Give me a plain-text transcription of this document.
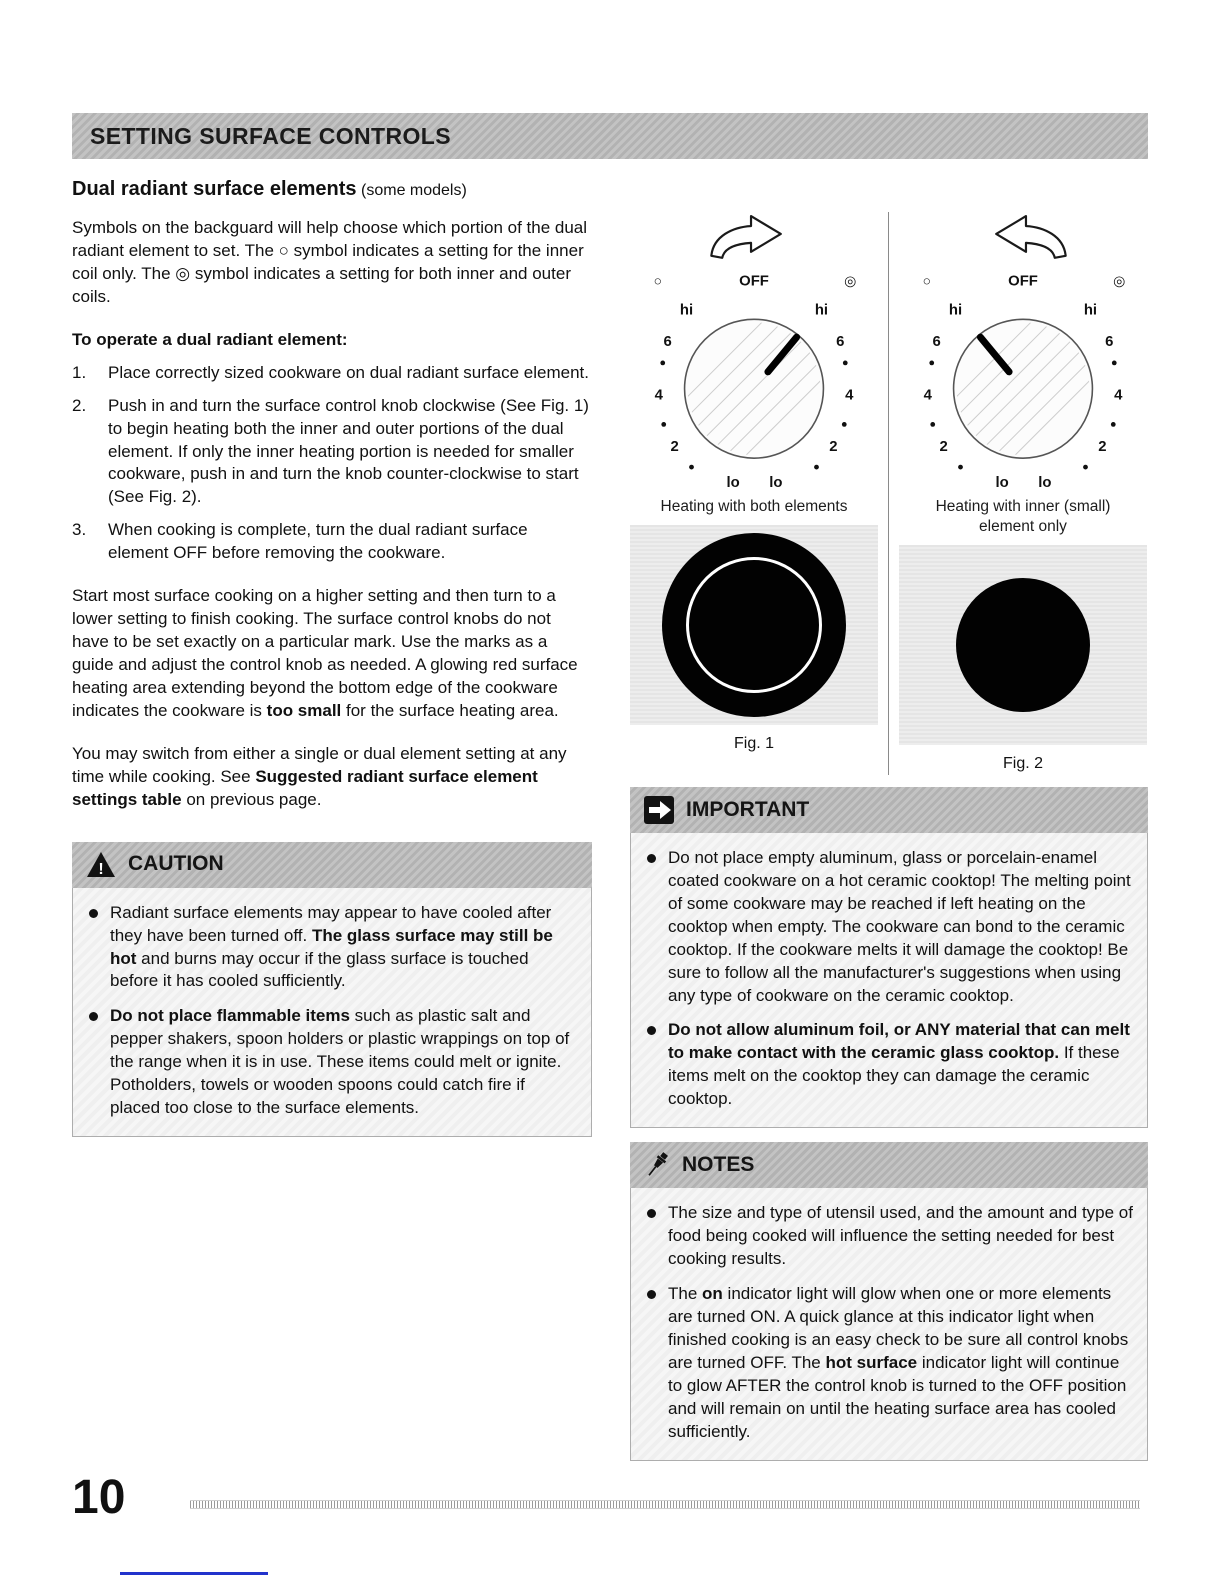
SETTING SURFACE CONTROLS
Dual radiant surface elements (some models)
Symbols on the backguard will help choose which portion of the dual radiant element to set. The ○ symbol indicates a setting for the inner coil only. The ◎ symbol indicates a setting for both inner and outer coils.
To operate a dual radiant element:
1.	Place correctly sized cookware on dual radiant surface element.
2.	Push in and turn the surface control knob clockwise (See Fig. 1) to begin heating both the inner and outer portions of the dual element. If only the inner heating portion is needed for smaller cookware, push in and turn the knob counter-clockwise to start (See Fig. 2).
3.	When cooking is complete, turn the dual radiant surface element OFF before removing the cookware.
Start most surface cooking on a higher setting and then turn to a lower setting to finish cooking. The surface control knobs do not have to be set exactly on a particular mark. Use the marks as a guide and adjust the control knob as needed. A glowing red surface heating area extending beyond the bottom edge of the cookware indicates the cookware is too small for the surface heating area.
You may switch from either a single or dual element setting at any time while cooking. See Suggested radiant surface element settings table on previous page.
! CAUTION
Radiant surface elements may appear to have cooled after they have been turned off. The glass surface may still be hot and burns may occur if the glass surface is touched before it has cooled sufficiently.
Do not place flammable items such as plastic salt and pepper shakers, spoon holders or plastic wrappings on top of the range when it is in use. These items could melt or ignite. Potholders, towels or wooden spoons could catch fire if placed too close to the surface elements.
○	OFF	◎
hi	hi
6	6
4	4
2	2
lo lo
Heating with both elements
Fig. 1
○	OFF	◎
hi	hi
6	6
4	4
2	2
lo lo
Heating with inner (small) element only
Fig. 2
IMPORTANT
Do not place empty aluminum, glass or porcelain-enamel coated cookware on a hot ceramic cooktop! The melting point of some cookware may be reached if left heating on the cooktop when empty. The cookware can bond to the ceramic cooktop. If the cookware melts it will damage the cooktop! Be sure to follow all the manufacturer's suggestions when using any type of cookware on the ceramic cooktop.
Do not allow aluminum foil, or ANY material that can melt to make contact with the ceramic glass cooktop. If these items melt on the cooktop they can damage the ceramic cooktop.
NOTES
The size and type of utensil used, and the amount and type of food being cooked will influence the setting needed for best cooking results.
The on indicator light will glow when one or more elements are turned ON. A quick glance at this indicator light when finished cooking is an easy check to be sure all control knobs are turned OFF. The hot surface indicator light will continue to glow AFTER the control knob is turned to the OFF position and will remain on until the heating surface area has cooled sufficiently.
10
